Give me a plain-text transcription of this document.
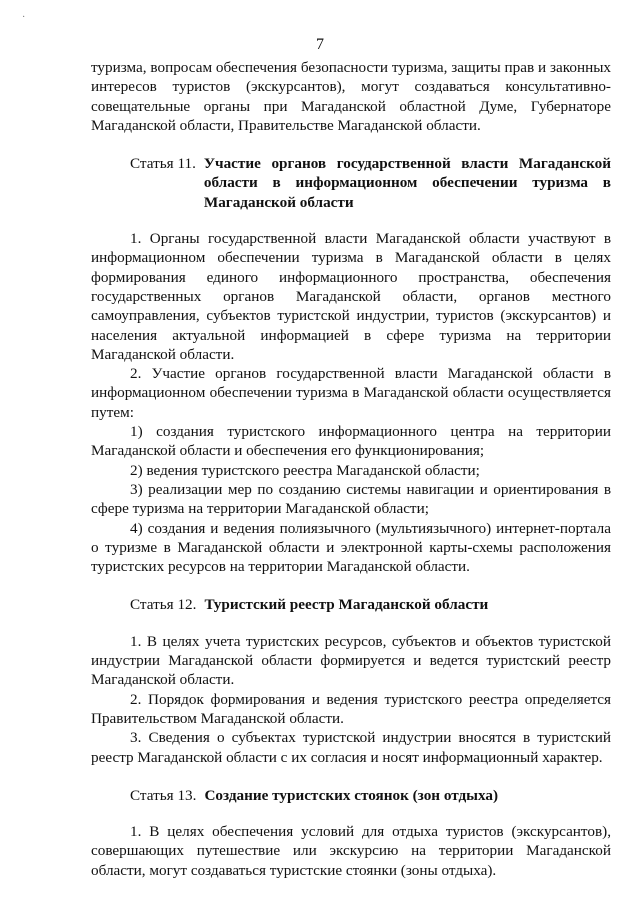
·
7

туризма, вопросам обеспечения безопасности туризма, защиты прав и законных интересов туристов (экскурсантов), могут создаваться консультативно-совещательные органы при Магаданской областной Думе, Губернаторе Магаданской области, Правительстве Магаданской области.

Статья 11. Участие органов государственной власти Магаданской области в информационном обеспечении туризма в Магаданской области

1. Органы государственной власти Магаданской области участвуют в информационном обеспечении туризма в Магаданской области в целях формирования единого информационного пространства, обеспечения государственных органов Магаданской области, органов местного самоуправления, субъектов туристской индустрии, туристов (экскурсантов) и населения актуальной информацией в сфере туризма на территории Магаданской области.

2. Участие органов государственной власти Магаданской области в информационном обеспечении туризма в Магаданской области осуществляется путем:

1) создания туристского информационного центра на территории Магаданской области и обеспечения его функционирования;

2) ведения туристского реестра Магаданской области;

3) реализации мер по созданию системы навигации и ориентирования в сфере туризма на территории Магаданской области;

4) создания и ведения полиязычного (мультиязычного) интернет-портала о туризме в Магаданской области и электронной карты-схемы расположения туристских ресурсов на территории Магаданской области.

Статья 12. Туристский реестр Магаданской области

1. В целях учета туристских ресурсов, субъектов и объектов туристской индустрии Магаданской области формируется и ведется туристский реестр Магаданской области.

2. Порядок формирования и ведения туристского реестра определяется Правительством Магаданской области.

3. Сведения о субъектах туристской индустрии вносятся в туристский реестр Магаданской области с их согласия и носят информационный характер.

Статья 13. Создание туристских стоянок (зон отдыха)

1. В целях обеспечения условий для отдыха туристов (экскурсантов), совершающих путешествие или экскурсию на территории Магаданской области, могут создаваться туристские стоянки (зоны отдыха).
